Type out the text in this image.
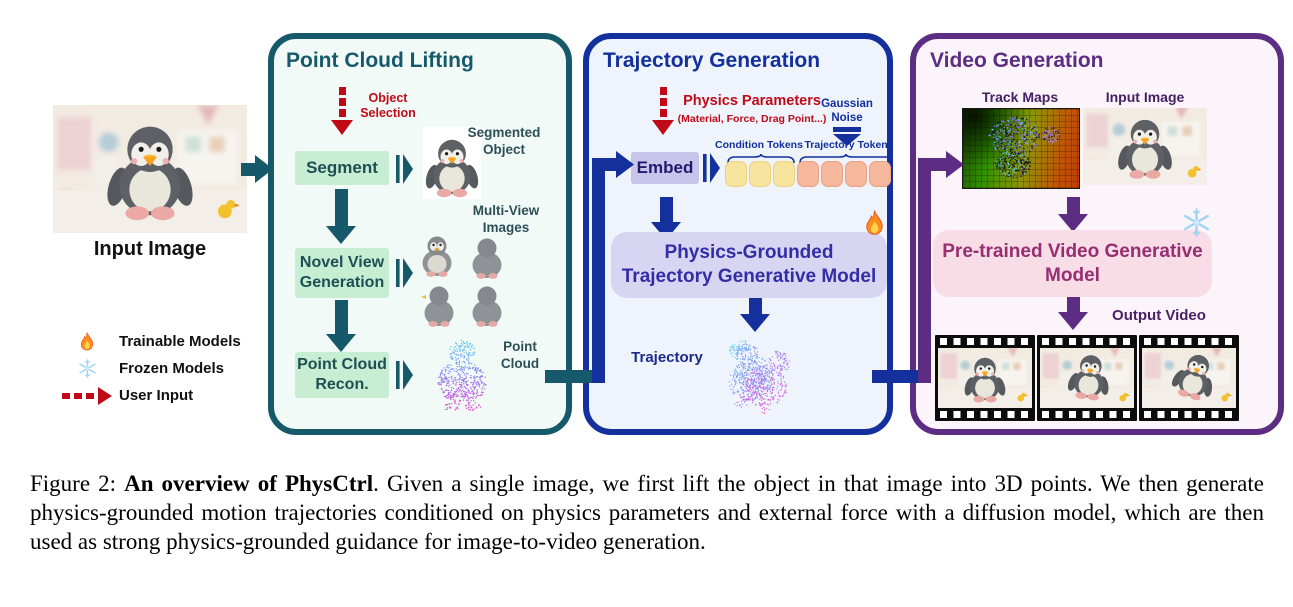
Input Image
Trainable Models
Frozen Models
User Input
Point Cloud Lifting
Object Selection
Segment
Segmented Object
Novel View Generation
Multi-View Images
Point Cloud Recon.
Point Cloud
Trajectory Generation
Physics Parameters
(Material, Force, Drag Point...)
Gaussian Noise
Embed
Condition Tokens Trajectory Tokens
Physics-Grounded Trajectory Generative Model
Trajectory
Video Generation
Track Maps	Input Image
Pre-trained Video Generative Model
Output Video

Figure 2: An overview of PhysCtrl. Given a single image, we first lift the object in that image into 3D points. We then generate physics-grounded motion trajectories conditioned on physics parameters and external force with a diffusion model, which are then used as strong physics-grounded guidance for image-to-video generation.
